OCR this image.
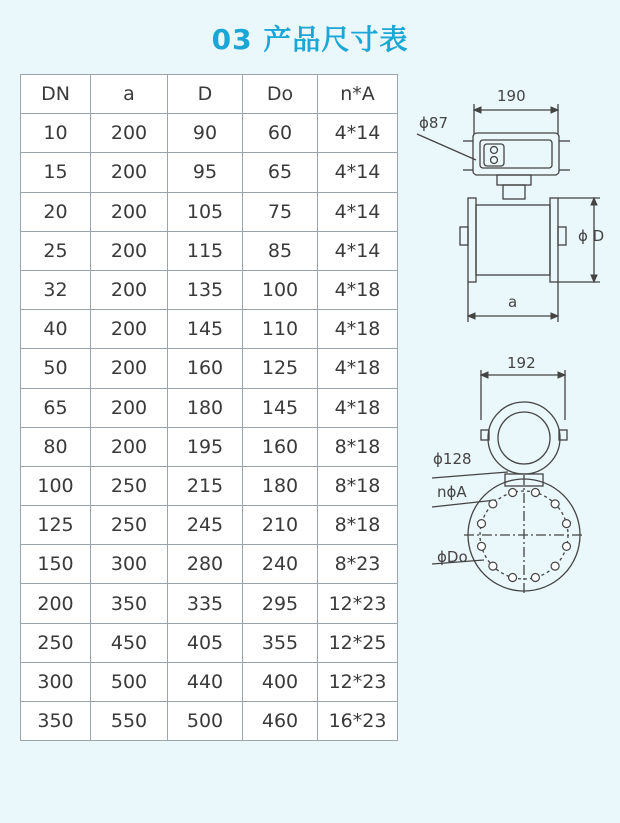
03 产品尺寸表
DN	a	D	Do	n*A
10	200	90	60	4*14
15	200	95	65	4*14
20	200	105	75	4*14
25	200	115	85	4*14
32	200	135	100	4*18
40	200	145	110	4*18
50	200	160	125	4*18
65	200	180	145	4*18
80	200	195	160	8*18
100	250	215	180	8*18
125	250	245	210	8*18
150	300	280	240	8*23
200	350	335	295	12*23
250	450	405	355	12*25
300	500	440	400	12*23
350	550	500	460	16*23
190
ϕ87
ϕ D
a
192
ϕ128
nϕA
ϕDo
